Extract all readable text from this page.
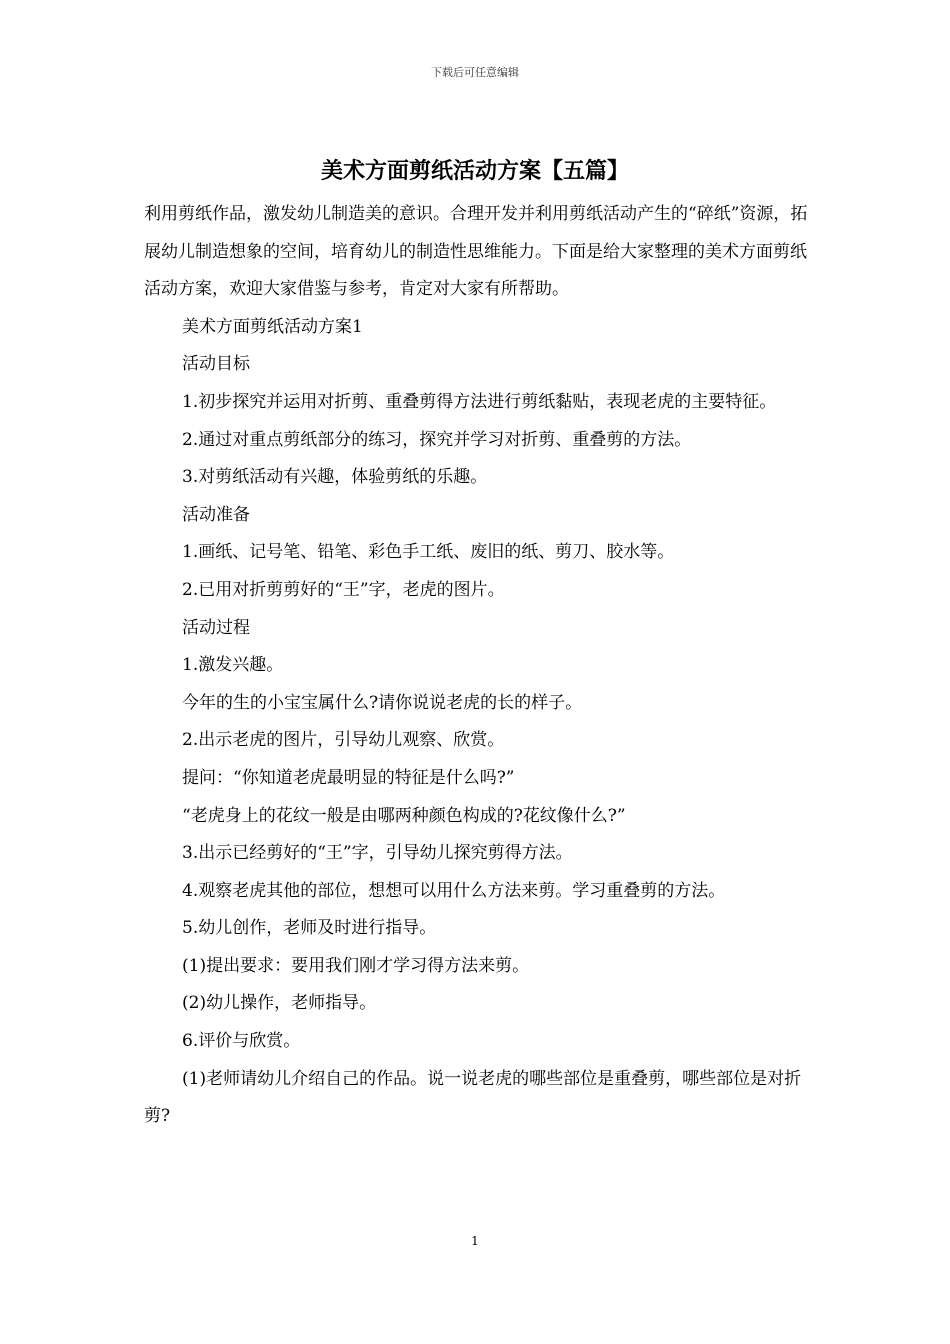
下载后可任意编辑
美术方面剪纸活动方案【五篇】

利用剪纸作品，激发幼儿制造美的意识。合理开发并利用剪纸活动产生的“碎纸”资源，拓展幼儿制造想象的空间，培育幼儿的制造性思维能力。下面是给大家整理的美术方面剪纸活动方案，欢迎大家借鉴与参考，肯定对大家有所帮助。

美术方面剪纸活动方案1

活动目标

1.初步探究并运用对折剪、重叠剪得方法进行剪纸黏贴，表现老虎的主要特征。

2.通过对重点剪纸部分的练习，探究并学习对折剪、重叠剪的方法。

3.对剪纸活动有兴趣，体验剪纸的乐趣。

活动准备

1.画纸、记号笔、铅笔、彩色手工纸、废旧的纸、剪刀、胶水等。

2.已用对折剪剪好的“王”字，老虎的图片。

活动过程

1.激发兴趣。

今年的生的小宝宝属什么?请你说说老虎的长的样子。

2.出示老虎的图片，引导幼儿观察、欣赏。

提问：“你知道老虎最明显的特征是什么吗?”

“老虎身上的花纹一般是由哪两种颜色构成的?花纹像什么?”

3.出示已经剪好的“王”字，引导幼儿探究剪得方法。

4.观察老虎其他的部位，想想可以用什么方法来剪。学习重叠剪的方法。

5.幼儿创作，老师及时进行指导。

(1)提出要求：要用我们刚才学习得方法来剪。

(2)幼儿操作，老师指导。

6.评价与欣赏。

(1)老师请幼儿介绍自己的作品。说一说老虎的哪些部位是重叠剪，哪些部位是对折剪?

1
